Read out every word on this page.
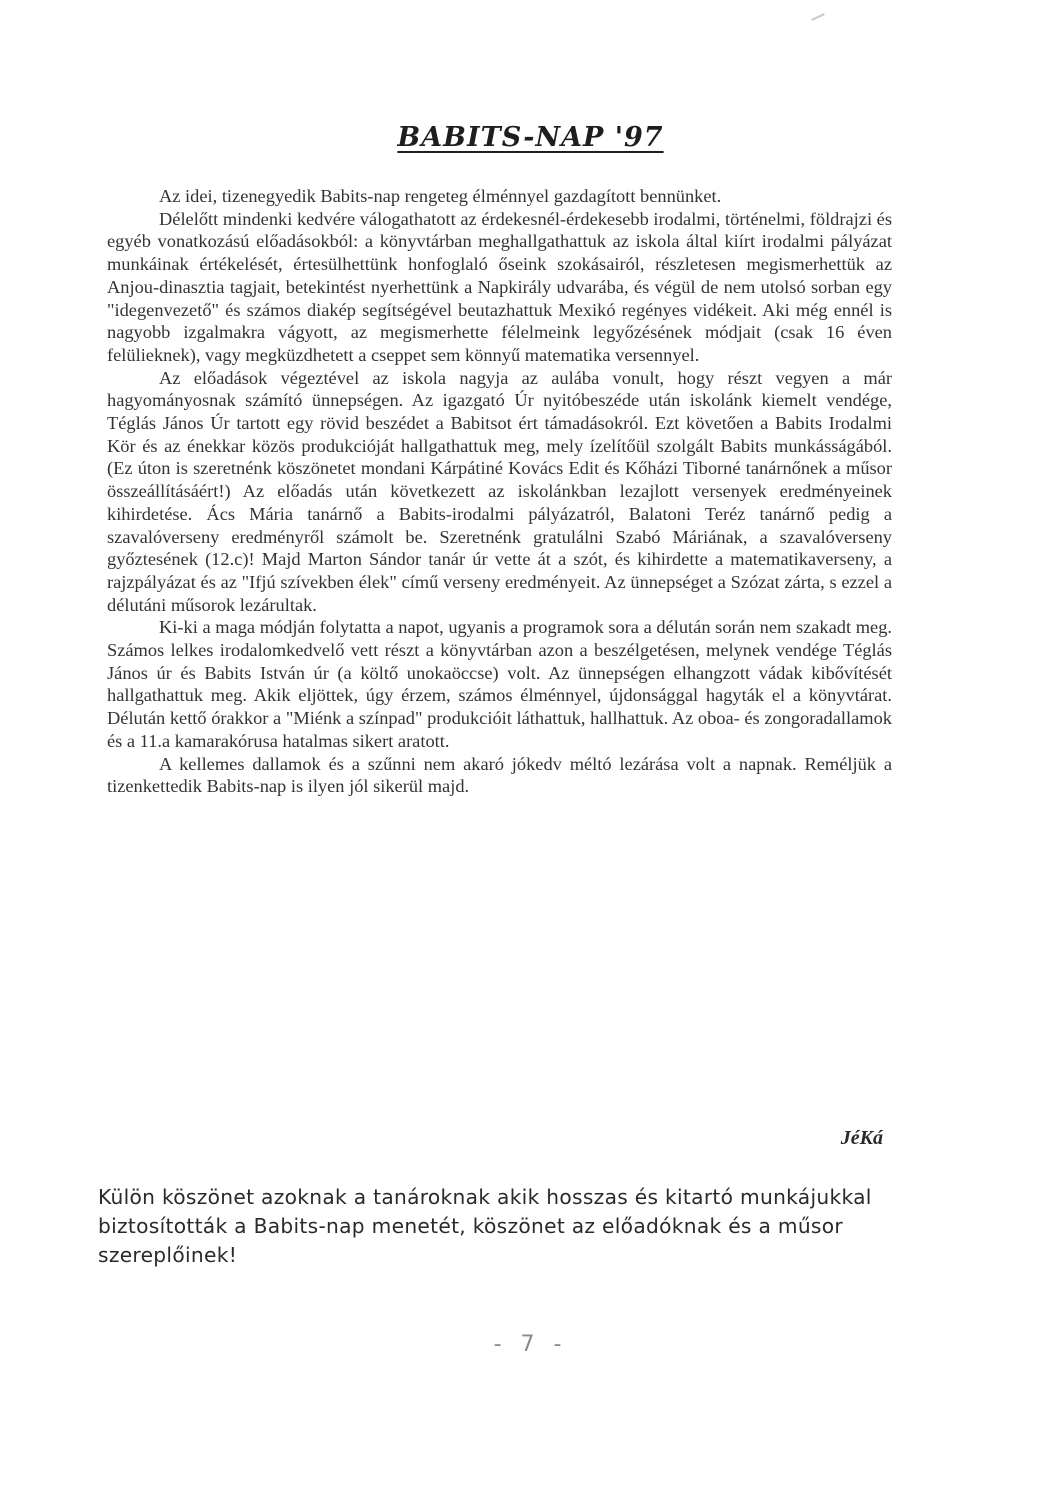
BABITS-NAP '97

Az idei, tizenegyedik Babits-nap rengeteg élménnyel gazdagított bennünket.

Délelőtt mindenki kedvére válogathatott az érdekesnél-érdekesebb irodalmi, történelmi, földrajzi és egyéb vonatkozású előadásokból: a könyvtárban meghallgathattuk az iskola által kiírt irodalmi pályázat munkáinak értékelését, értesülhettünk honfoglaló őseink szokásairól, részletesen megismerhettük az Anjou-dinasztia tagjait, betekintést nyerhettünk a Napkirály udvarába, és végül de nem utolsó sorban egy "idegenvezető" és számos diakép segítségével beutazhattuk Mexikó regényes vidékeit. Aki még ennél is nagyobb izgalmakra vágyott, az megismerhette félelmeink legyőzésének módjait (csak 16 éven felülieknek), vagy megküzdhetett a cseppet sem könnyű matematika versennyel.

Az előadások végeztével az iskola nagyja az aulába vonult, hogy részt vegyen a már hagyományosnak számító ünnepségen. Az igazgató Úr nyitóbeszéde után iskolánk kiemelt vendége, Téglás János Úr tartott egy rövid beszédet a Babitsot ért támadásokról. Ezt követően a Babits Irodalmi Kör és az énekkar közös produkcióját hallgathattuk meg, mely ízelítőül szolgált Babits munkásságából. (Ez úton is szeretnénk köszönetet mondani Kárpátiné Kovács Edit és Kőházi Tiborné tanárnőnek a műsor összeállításáért!) Az előadás után következett az iskolánkban lezajlott versenyek eredményeinek kihirdetése. Ács Mária tanárnő a Babits-irodalmi pályázatról, Balatoni Teréz tanárnő pedig a szavalóverseny eredményről számolt be. Szeretnénk gratulálni Szabó Máriának, a szavalóverseny győztesének (12.c)! Majd Marton Sándor tanár úr vette át a szót, és kihirdette a matematikaverseny, a rajzpályázat és az "Ifjú szívekben élek" című verseny eredményeit. Az ünnepséget a Szózat zárta, s ezzel a délutáni műsorok lezárultak.

Ki-ki a maga módján folytatta a napot, ugyanis a programok sora a délután során nem szakadt meg. Számos lelkes irodalomkedvelő vett részt a könyvtárban azon a beszélgetésen, melynek vendége Téglás János úr és Babits István úr (a költő unokaöccse) volt. Az ünnepségen elhangzott vádak kibővítését hallgathattuk meg. Akik eljöttek, úgy érzem, számos élménnyel, újdonsággal hagyták el a könyvtárat. Délután kettő órakkor a "Miénk a színpad" produkcióit láthattuk, hallhattuk. Az oboa- és zongoradallamok és a 11.a kamarakórusa hatalmas sikert aratott.

A kellemes dallamok és a szűnni nem akaró jókedv méltó lezárása volt a napnak. Reméljük a tizenkettedik Babits-nap is ilyen jól sikerül majd.

JéKá
Külön köszönet azoknak a tanároknak akik hosszas és kitartó munkájukkal biztosították a Babits-nap menetét, köszönet az előadóknak és a műsor szereplőinek!
- 7 -
